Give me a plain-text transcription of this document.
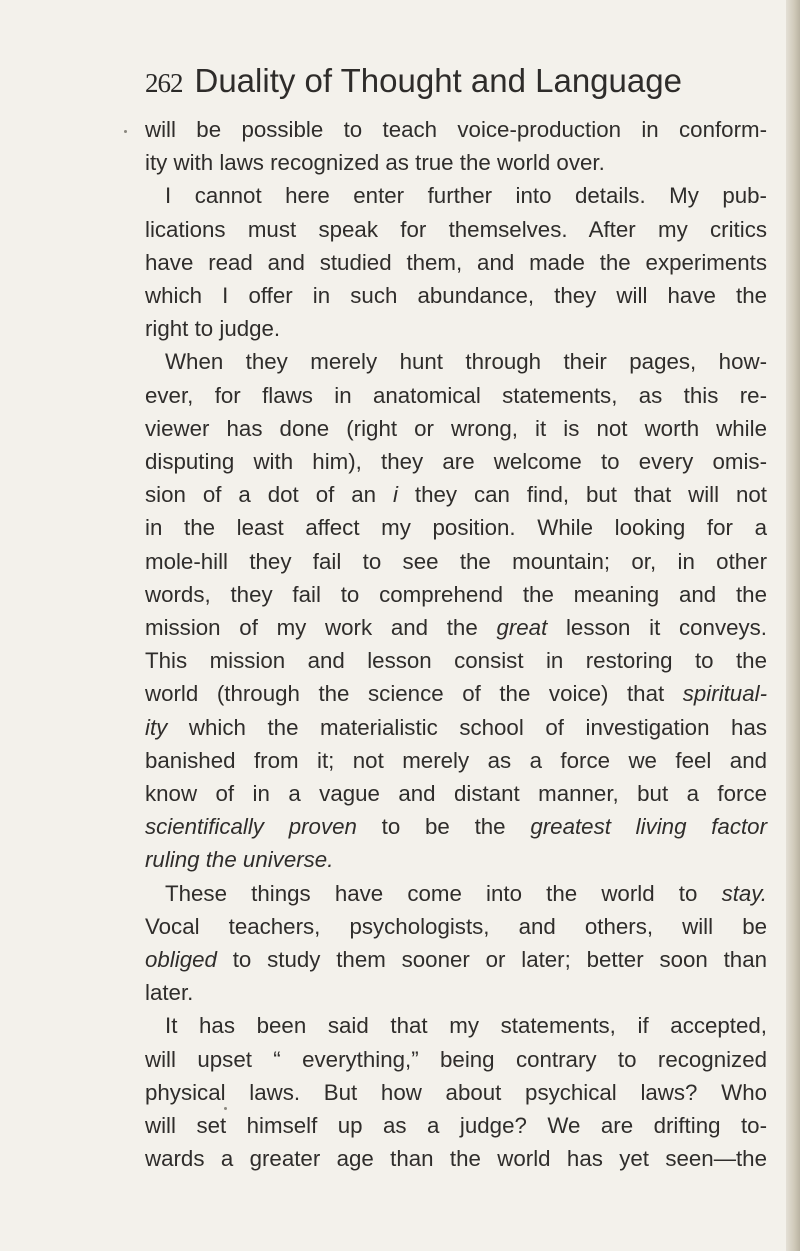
262 Duality of Thought and Language
will be possible to teach voice-production in conform-
ity with laws recognized as true the world over.
I cannot here enter further into details. My pub-
lications must speak for themselves. After my critics
have read and studied them, and made the experiments
which I offer in such abundance, they will have the
right to judge.
When they merely hunt through their pages, how-
ever, for flaws in anatomical statements, as this re-
viewer has done (right or wrong, it is not worth while
disputing with him), they are welcome to every omis-
sion of a dot of an i they can find, but that will not
in the least affect my position. While looking for a
mole-hill they fail to see the mountain; or, in other
words, they fail to comprehend the meaning and the
mission of my work and the great lesson it conveys.
This mission and lesson consist in restoring to the
world (through the science of the voice) that spiritual-
ity which the materialistic school of investigation has
banished from it; not merely as a force we feel and
know of in a vague and distant manner, but a force
scientifically proven to be the greatest living factor
ruling the universe.
These things have come into the world to stay.
Vocal teachers, psychologists, and others, will be
obliged to study them sooner or later; better soon than
later.
It has been said that my statements, if accepted,
will upset “ everything,” being contrary to recognized
physical laws. But how about psychical laws? Who
will set himself up as a judge? We are drifting to-
wards a greater age than the world has yet seen—the
